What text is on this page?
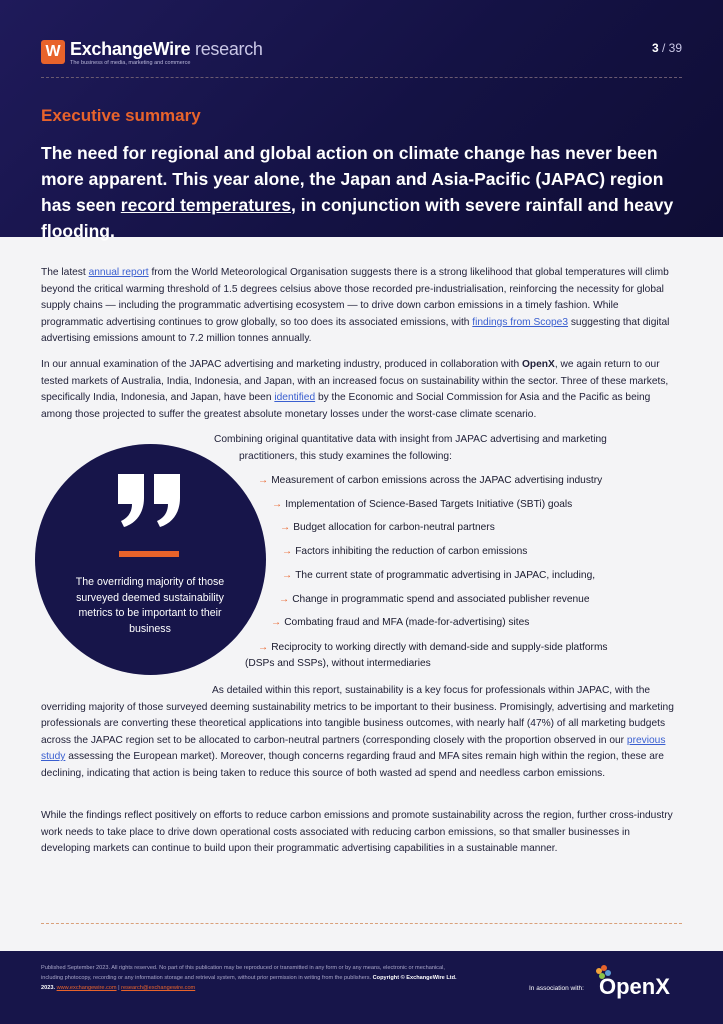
W ExchangeWire research
The business of media, marketing and commerce
3 / 39
Executive summary
The need for regional and global action on climate change has never been more apparent. This year alone, the Japan and Asia-Pacific (JAPAC) region has seen record temperatures, in conjunction with severe rainfall and heavy flooding.
The latest annual report from the World Meteorological Organisation suggests there is a strong likelihood that global temperatures will climb beyond the critical warming threshold of 1.5 degrees celsius above those recorded pre-industrialisation, reinforcing the necessity for global supply chains — including the programmatic advertising ecosystem — to drive down carbon emissions in a timely fashion. While programmatic advertising continues to grow globally, so too does its associated emissions, with findings from Scope3 suggesting that digital advertising emissions amount to 7.2 million tonnes annually.
In our annual examination of the JAPAC advertising and marketing industry, produced in collaboration with OpenX, we again return to our tested markets of Australia, India, Indonesia, and Japan, with an increased focus on sustainability within the sector. Three of these markets, specifically India, Indonesia, and Japan, have been identified by the Economic and Social Commission for Asia and the Pacific as being among those projected to suffer the greatest absolute monetary losses under the worst-case climate scenario.
Combining original quantitative data with insight from JAPAC advertising and marketing
practitioners, this study examines the following:
The overriding majority of those surveyed deemed sustainability metrics to be important to their business
→ Measurement of carbon emissions across the JAPAC advertising industry
→ Implementation of Science-Based Targets Initiative (SBTi) goals
→ Budget allocation for carbon-neutral partners
→ Factors inhibiting the reduction of carbon emissions
→ The current state of programmatic advertising in JAPAC, including,
→ Change in programmatic spend and associated publisher revenue
→ Combating fraud and MFA (made-for-advertising) sites
→ Reciprocity to working directly with demand-side and supply-side platforms
(DSPs and SSPs), without intermediaries
As detailed within this report, sustainability is a key focus for professionals within JAPAC, with the overriding majority of those surveyed deeming sustainability metrics to be important to their business. Promisingly, advertising and marketing professionals are converting these theoretical applications into tangible business outcomes, with nearly half (47%) of all marketing budgets across the JAPAC region set to be allocated to carbon-neutral partners (corresponding closely with the proportion observed in our previous study assessing the European market). Moreover, though concerns regarding fraud and MFA sites remain high within the region, these are declining, indicating that action is being taken to reduce this source of both wasted ad spend and needless carbon emissions.
While the findings reflect positively on efforts to reduce carbon emissions and promote sustainability across the region, further cross-industry work needs to take place to drive down operational costs associated with reducing carbon emissions, so that smaller businesses in developing markets can continue to build upon their programmatic advertising capabilities in a sustainable manner.
Published September 2023. All rights reserved. No part of this publication may be reproduced or transmitted in any form or by any means, electronic or mechanical, including photocopy, recording or any information storage and retrieval system, without prior permission in writing from the publishers. Copyright © ExchangeWire Ltd. 2023. www.exchangewire.com | research@exchangewire.com	In association with: OpenX
